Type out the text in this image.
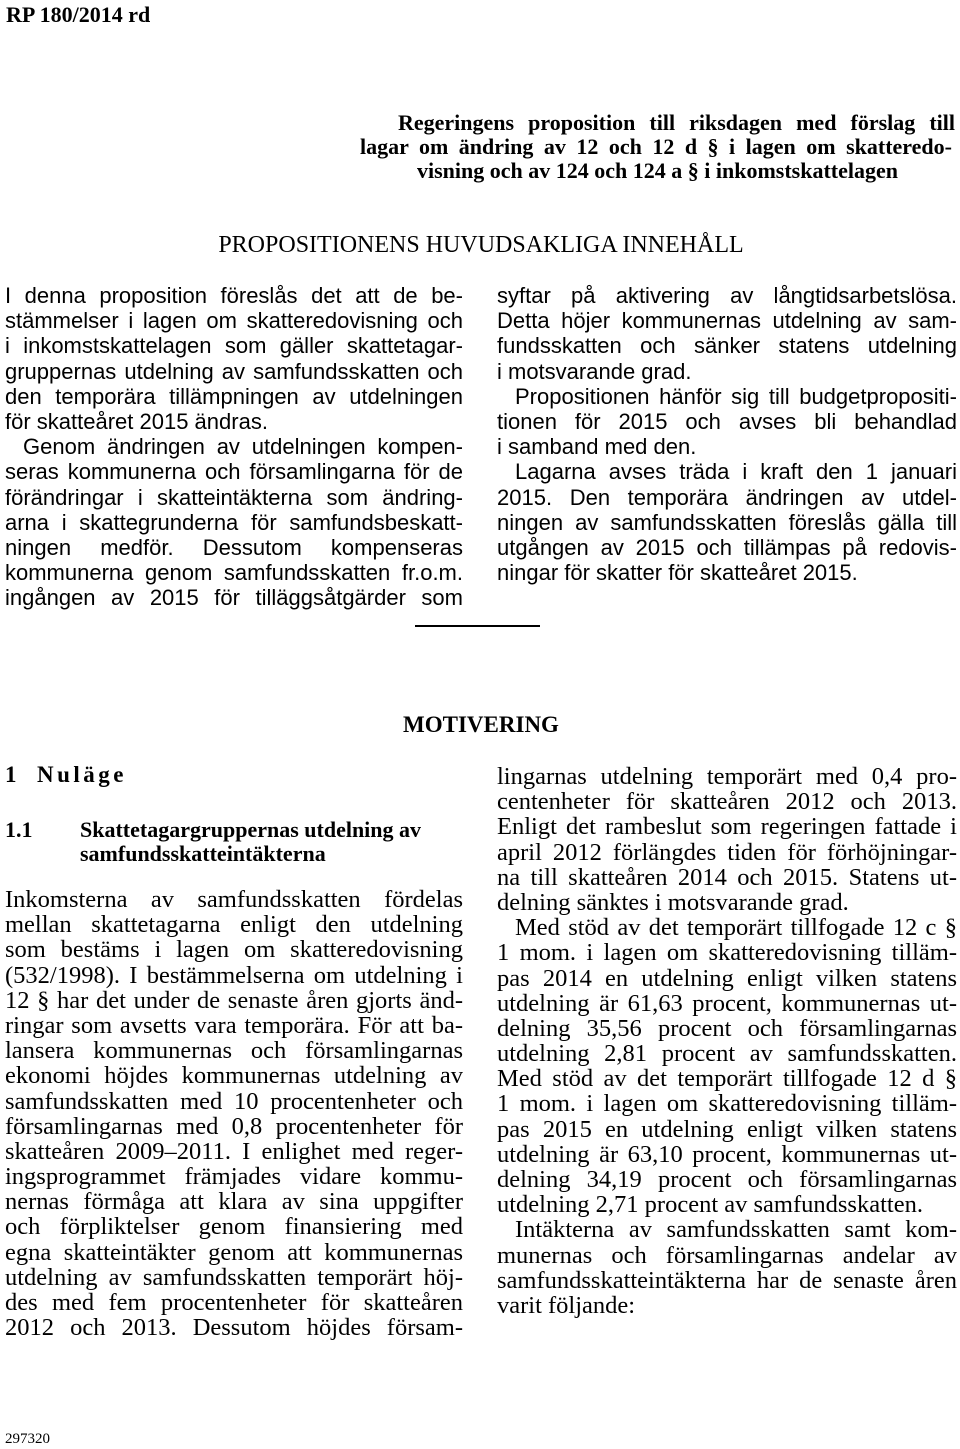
RP 180/2014 rd
Regeringens proposition till riksdagen med förslag till
lagar om ändring av 12 och 12 d § i lagen om skatteredo-
visning och av 124 och 124 a § i inkomstskattelagen
PROPOSITIONENS HUVUDSAKLIGA INNEHÅLL
I denna proposition föreslås det att de be-
stämmelser i lagen om skatteredovisning och
i inkomstskattelagen som gäller skattetagar-
gruppernas utdelning av samfundsskatten och
den temporära tillämpningen av utdelningen
för skatteåret 2015 ändras.
Genom ändringen av utdelningen kompen-
seras kommunerna och församlingarna för de
förändringar i skatteintäkterna som ändring-
arna i skattegrunderna för samfundsbeskatt-
ningen medför. Dessutom kompenseras
kommunerna genom samfundsskatten fr.o.m.
ingången av 2015 för tilläggsåtgärder som
syftar på aktivering av långtidsarbetslösa.
Detta höjer kommunernas utdelning av sam-
fundsskatten och sänker statens utdelning
i motsvarande grad.
Propositionen hänför sig till budgetpropositi-
tionen för 2015 och avses bli behandlad
i samband med den.
Lagarna avses träda i kraft den 1 januari
2015. Den temporära ändringen av utdel-
ningen av samfundsskatten föreslås gälla till
utgången av 2015 och tillämpas på redovis-
ningar för skatter för skatteåret 2015.
MOTIVERING
1 Nuläge
1.1 Skattetagargruppernas utdelning av
samfundsskatteintäkterna
Inkomsterna av samfundsskatten fördelas
mellan skattetagarna enligt den utdelning
som bestäms i lagen om skatteredovisning
(532/1998). I bestämmelserna om utdelning i
12 § har det under de senaste åren gjorts änd-
ringar som avsetts vara temporära. För att ba-
lansera kommunernas och församlingarnas
ekonomi höjdes kommunernas utdelning av
samfundsskatten med 10 procentenheter och
församlingarnas med 0,8 procentenheter för
skatteåren 2009–2011. I enlighet med reger-
ingsprogrammet främjades vidare kommu-
nernas förmåga att klara av sina uppgifter
och förpliktelser genom finansiering med
egna skatteintäkter genom att kommunernas
utdelning av samfundsskatten temporärt höj-
des med fem procentenheter för skatteåren
2012 och 2013. Dessutom höjdes försam-
lingarnas utdelning temporärt med 0,4 pro-
centenheter för skatteåren 2012 och 2013.
Enligt det rambeslut som regeringen fattade i
april 2012 förlängdes tiden för förhöjningar-
na till skatteåren 2014 och 2015. Statens ut-
delning sänktes i motsvarande grad.
Med stöd av det temporärt tillfogade 12 c §
1 mom. i lagen om skatteredovisning tilläm-
pas 2014 en utdelning enligt vilken statens
utdelning är 61,63 procent, kommunernas ut-
delning 35,56 procent och församlingarnas
utdelning 2,81 procent av samfundsskatten.
Med stöd av det temporärt tillfogade 12 d §
1 mom. i lagen om skatteredovisning tilläm-
pas 2015 en utdelning enligt vilken statens
utdelning är 63,10 procent, kommunernas ut-
delning 34,19 procent och församlingarnas
utdelning 2,71 procent av samfundsskatten.
Intäkterna av samfundsskatten samt kom-
munernas och församlingarnas andelar av
samfundsskatteintäkterna har de senaste åren
varit följande:
297320
